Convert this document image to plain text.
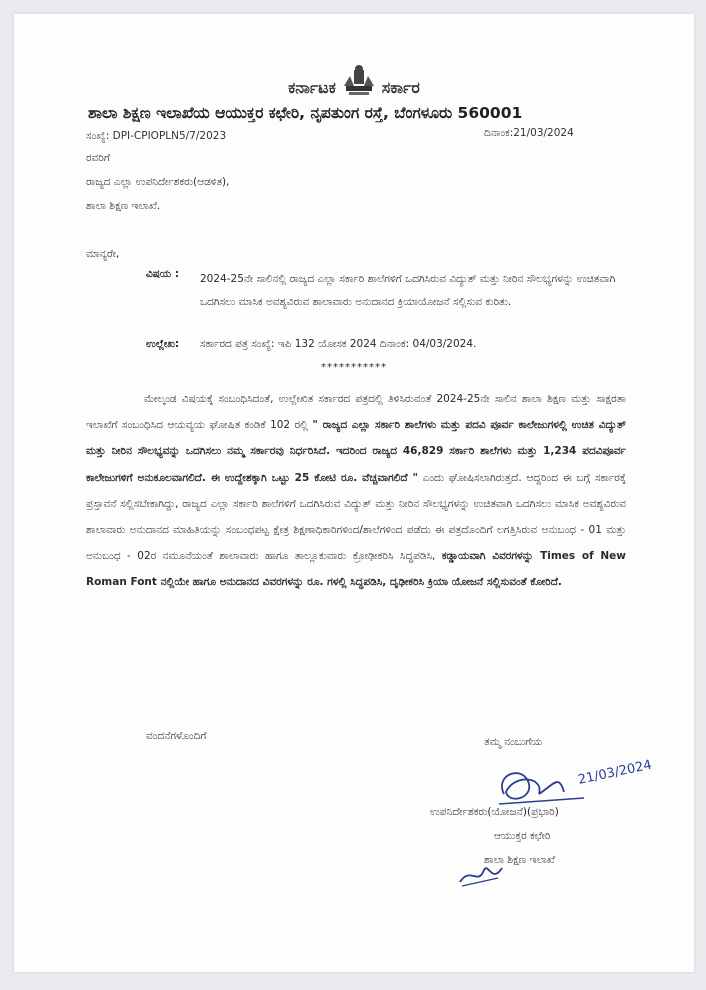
ಕರ್ನಾಟಕ	ಸರ್ಕಾರ
ಶಾಲಾ ಶಿಕ್ಷಣ ಇಲಾಖೆಯ ಆಯುಕ್ತರ ಕಛೇರಿ, ನೃಪತುಂಗ ರಸ್ತೆ, ಬೆಂಗಳೂರು 560001
ಸಂಖ್ಯೆ: DPI-CPIOPLN5/7/2023	ದಿನಾಂಕ:21/03/2024
ರವರಿಗೆ
ರಾಜ್ಯದ ಎಲ್ಲಾ ಉಪನಿರ್ದೇಶಕರು(ಆಡಳಿತ),
ಶಾಲಾ ಶಿಕ್ಷಣ ಇಲಾಖೆ.
ಮಾನ್ಯರೇ,
ವಿಷಯ : 2024-25ನೇ ಸಾಲಿನಲ್ಲಿ ರಾಜ್ಯದ ಎಲ್ಲಾ ಸರ್ಕಾರಿ ಶಾಲೆಗಳಿಗೆ ಒದಗಿಸಿರುವ ವಿದ್ಯುತ್ ಮತ್ತು ನೀರಿನ ಸೌಲಭ್ಯಗಳನ್ನು ಉಚಿತವಾಗಿ ಒದಗಿಸಲು ಮಾಸಿಕ ಅವಶ್ಯವಿರುವ ಶಾಲಾವಾರು ಅನುದಾನದ ಕ್ರಿಯಾಯೋಜನೆ ಸಲ್ಲಿಸುವ ಕುರಿತು.
ಉಲ್ಲೇಖ: ಸರ್ಕಾರದ ಪತ್ರ ಸಂಖ್ಯೆ: ಇಪಿ 132 ಯೋಸಕ 2024 ದಿನಾಂಕ: 04/03/2024.
***********
ಮೇಲ್ಕಂಡ ವಿಷಯಕ್ಕೆ ಸಂಬಂಧಿಸಿದಂತೆ, ಉಲ್ಲೇಖಿತ ಸರ್ಕಾರದ ಪತ್ರದಲ್ಲಿ ತಿಳಿಸಿರುವಂತೆ 2024-25ನೇ ಸಾಲಿನ ಶಾಲಾ ಶಿಕ್ಷಣ ಮತ್ತು ಸಾಕ್ಷರತಾ ಇಲಾಖೆಗೆ ಸಂಬಂಧಿಸಿದ ಆಯವ್ಯಯ ಘೋಷಿತ ಕಂಡಿಕೆ 102 ರಲ್ಲಿ " ರಾಜ್ಯದ ಎಲ್ಲಾ ಸರ್ಕಾರಿ ಶಾಲೆಗಳು ಮತ್ತು ಪದವಿ ಪೂರ್ವ ಕಾಲೇಜುಗಳಲ್ಲಿ ಉಚಿತ ವಿದ್ಯುತ್ ಮತ್ತು ನೀರಿನ ಸೌಲಭ್ಯವನ್ನು ಒದಗಿಸಲು ನಮ್ಮ ಸರ್ಕಾರವು ನಿರ್ಧರಿಸಿದೆ. ಇದರಿಂದ ರಾಜ್ಯದ 46,829 ಸರ್ಕಾರಿ ಶಾಲೆಗಳು ಮತ್ತು 1,234 ಪದವಿಪೂರ್ವ ಕಾಲೇಜುಗಳಿಗೆ ಅನುಕೂಲವಾಗಲಿದೆ. ಈ ಉದ್ದೇಶಕ್ಕಾಗಿ ಒಟ್ಟು 25 ಕೋಟಿ ರೂ. ವೆಚ್ಚವಾಗಲಿದೆ " ಎಂದು ಘೋಷಿಸಲಾಗಿರುತ್ತದೆ. ಆದ್ದರಿಂದ ಈ ಬಗ್ಗೆ ಸರ್ಕಾರಕ್ಕೆ ಪ್ರಸ್ತಾವನೆ ಸಲ್ಲಿಸಬೇಕಾಗಿದ್ದು, ರಾಜ್ಯದ ಎಲ್ಲಾ ಸರ್ಕಾರಿ ಶಾಲೆಗಳಿಗೆ ಒದಗಿಸಿರುವ ವಿದ್ಯುತ್ ಮತ್ತು ನೀರಿನ ಸೌಲಭ್ಯಗಳನ್ನು ಉಚಿತವಾಗಿ ಒದಗಿಸಲು ಮಾಸಿಕ ಅವಶ್ಯವಿರುವ ಶಾಲಾವಾರು ಅನುದಾನದ ಮಾಹಿತಿಯನ್ನು ಸಂಬಂಧಪಟ್ಟ ಕ್ಷೇತ್ರ ಶಿಕ್ಷಣಾಧಿಕಾರಿಗಳಿಂದ/ಶಾಲೆಗಳಿಂದ ಪಡೆದು ಈ ಪತ್ರದೊಂದಿಗೆ ಲಗತ್ತಿಸಿರುವ ಅನುಬಂಧ - 01 ಮತ್ತು ಅನುಬಂಧ - 02ರ ನಮೂನೆಯಂತೆ ಶಾಲಾವಾರು ಹಾಗೂ ತಾಲ್ಲೂಕುವಾರು ಕ್ರೋಢೀಕರಿಸಿ ಸಿದ್ಧಪಡಿಸಿ, ಕಡ್ಡಾಯವಾಗಿ ವಿವರಗಳನ್ನು Times of New Roman Font ನಲ್ಲಿಯೇ ಹಾಗೂ ಅನುದಾನದ ವಿವರಗಳನ್ನು ರೂ. ಗಳಲ್ಲಿ ಸಿದ್ಧಪಡಿಸಿ, ದೃಢೀಕರಿಸಿ ಕ್ರಿಯಾ ಯೋಜನೆ ಸಲ್ಲಿಸುವಂತೆ ಕೋರಿದೆ.
ವಂದನೆಗಳೊಂದಿಗೆ	ತಮ್ಮ ನಂಬುಗೆಯ
21/03/2024
ಉಪನಿರ್ದೇಶಕರು(ಯೋಜನೆ)(ಪ್ರಭಾರಿ)
ಆಯುಕ್ತರ ಕಛೇರಿ
ಶಾಲಾ ಶಿಕ್ಷಣ ಇಲಾಖೆ
